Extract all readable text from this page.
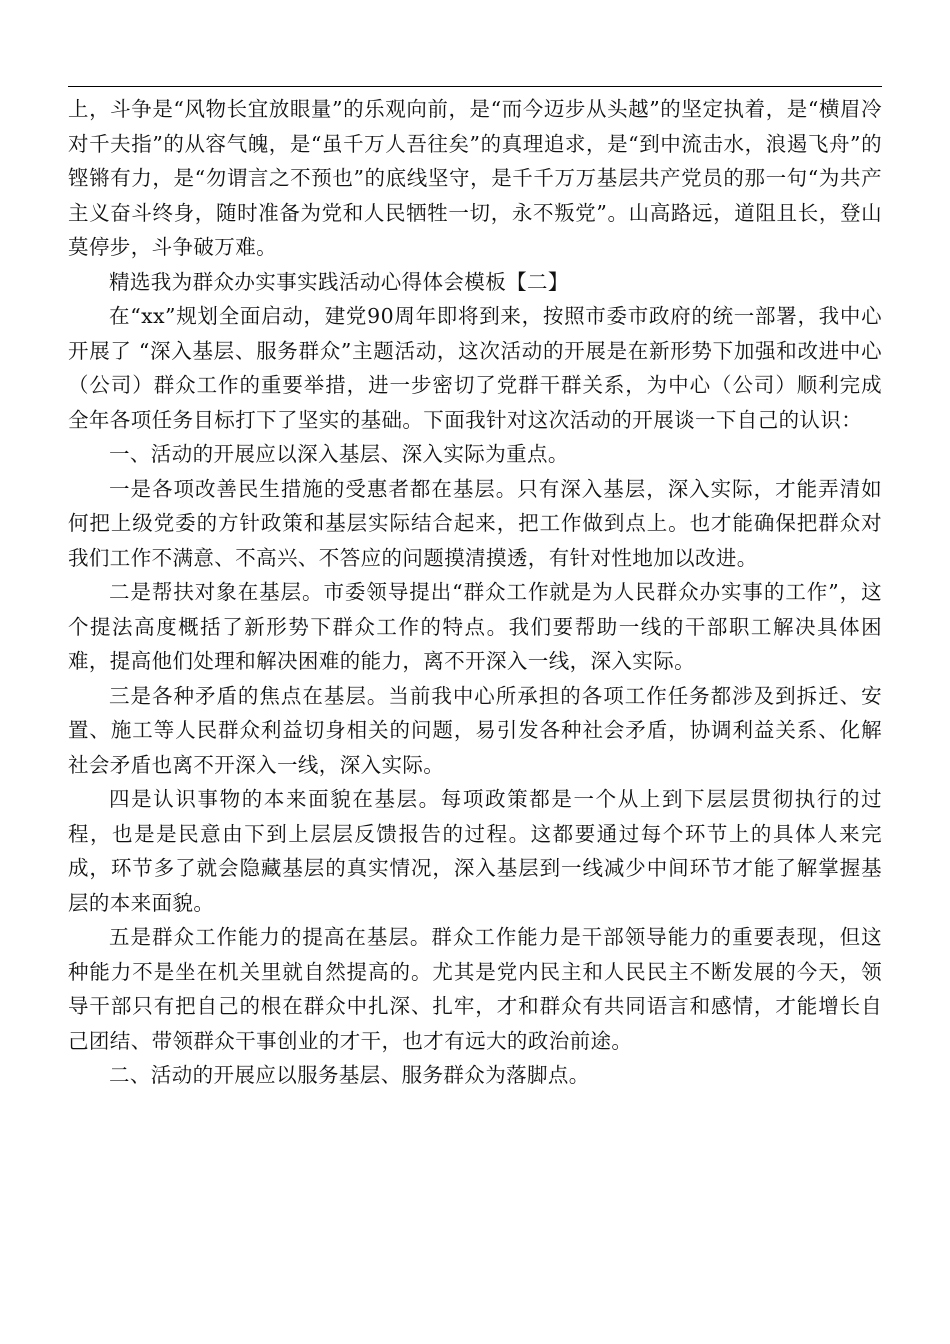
上，斗争是“风物长宜放眼量”的乐观向前，是“而今迈步从头越”的坚定执着，是“横眉冷对千夫指”的从容气魄，是“虽千万人吾往矣”的真理追求，是“到中流击水，浪遏飞舟”的铿锵有力，是“勿谓言之不预也”的底线坚守，是千千万万基层共产党员的那一句“为共产主义奋斗终身，随时准备为党和人民牺牲一切，永不叛党”。山高路远，道阻且长，登山莫停步，斗争破万难。

精选我为群众办实事实践活动心得体会模板【二】

在“xx”规划全面启动，建党90周年即将到来，按照市委市政府的统一部署，我中心开展了 “深入基层、服务群众”主题活动，这次活动的开展是在新形势下加强和改进中心（公司）群众工作的重要举措，进一步密切了党群干群关系，为中心（公司）顺利完成全年各项任务目标打下了坚实的基础。下面我针对这次活动的开展谈一下自己的认识：

一、活动的开展应以深入基层、深入实际为重点。

一是各项改善民生措施的受惠者都在基层。只有深入基层，深入实际，才能弄清如何把上级党委的方针政策和基层实际结合起来，把工作做到点上。也才能确保把群众对我们工作不满意、不高兴、不答应的问题摸清摸透，有针对性地加以改进。

二是帮扶对象在基层。市委领导提出“群众工作就是为人民群众办实事的工作”，这个提法高度概括了新形势下群众工作的特点。我们要帮助一线的干部职工解决具体困难，提高他们处理和解决困难的能力，离不开深入一线，深入实际。

三是各种矛盾的焦点在基层。当前我中心所承担的各项工作任务都涉及到拆迁、安置、施工等人民群众利益切身相关的问题，易引发各种社会矛盾，协调利益关系、化解社会矛盾也离不开深入一线，深入实际。

四是认识事物的本来面貌在基层。每项政策都是一个从上到下层层贯彻执行的过程，也是是民意由下到上层层反馈报告的过程。这都要通过每个环节上的具体人来完成，环节多了就会隐藏基层的真实情况，深入基层到一线减少中间环节才能了解掌握基层的本来面貌。

五是群众工作能力的提高在基层。群众工作能力是干部领导能力的重要表现，但这种能力不是坐在机关里就自然提高的。尤其是党内民主和人民民主不断发展的今天，领导干部只有把自己的根在群众中扎深、扎牢，才和群众有共同语言和感情，才能增长自己团结、带领群众干事创业的才干，也才有远大的政治前途。

二、活动的开展应以服务基层、服务群众为落脚点。
